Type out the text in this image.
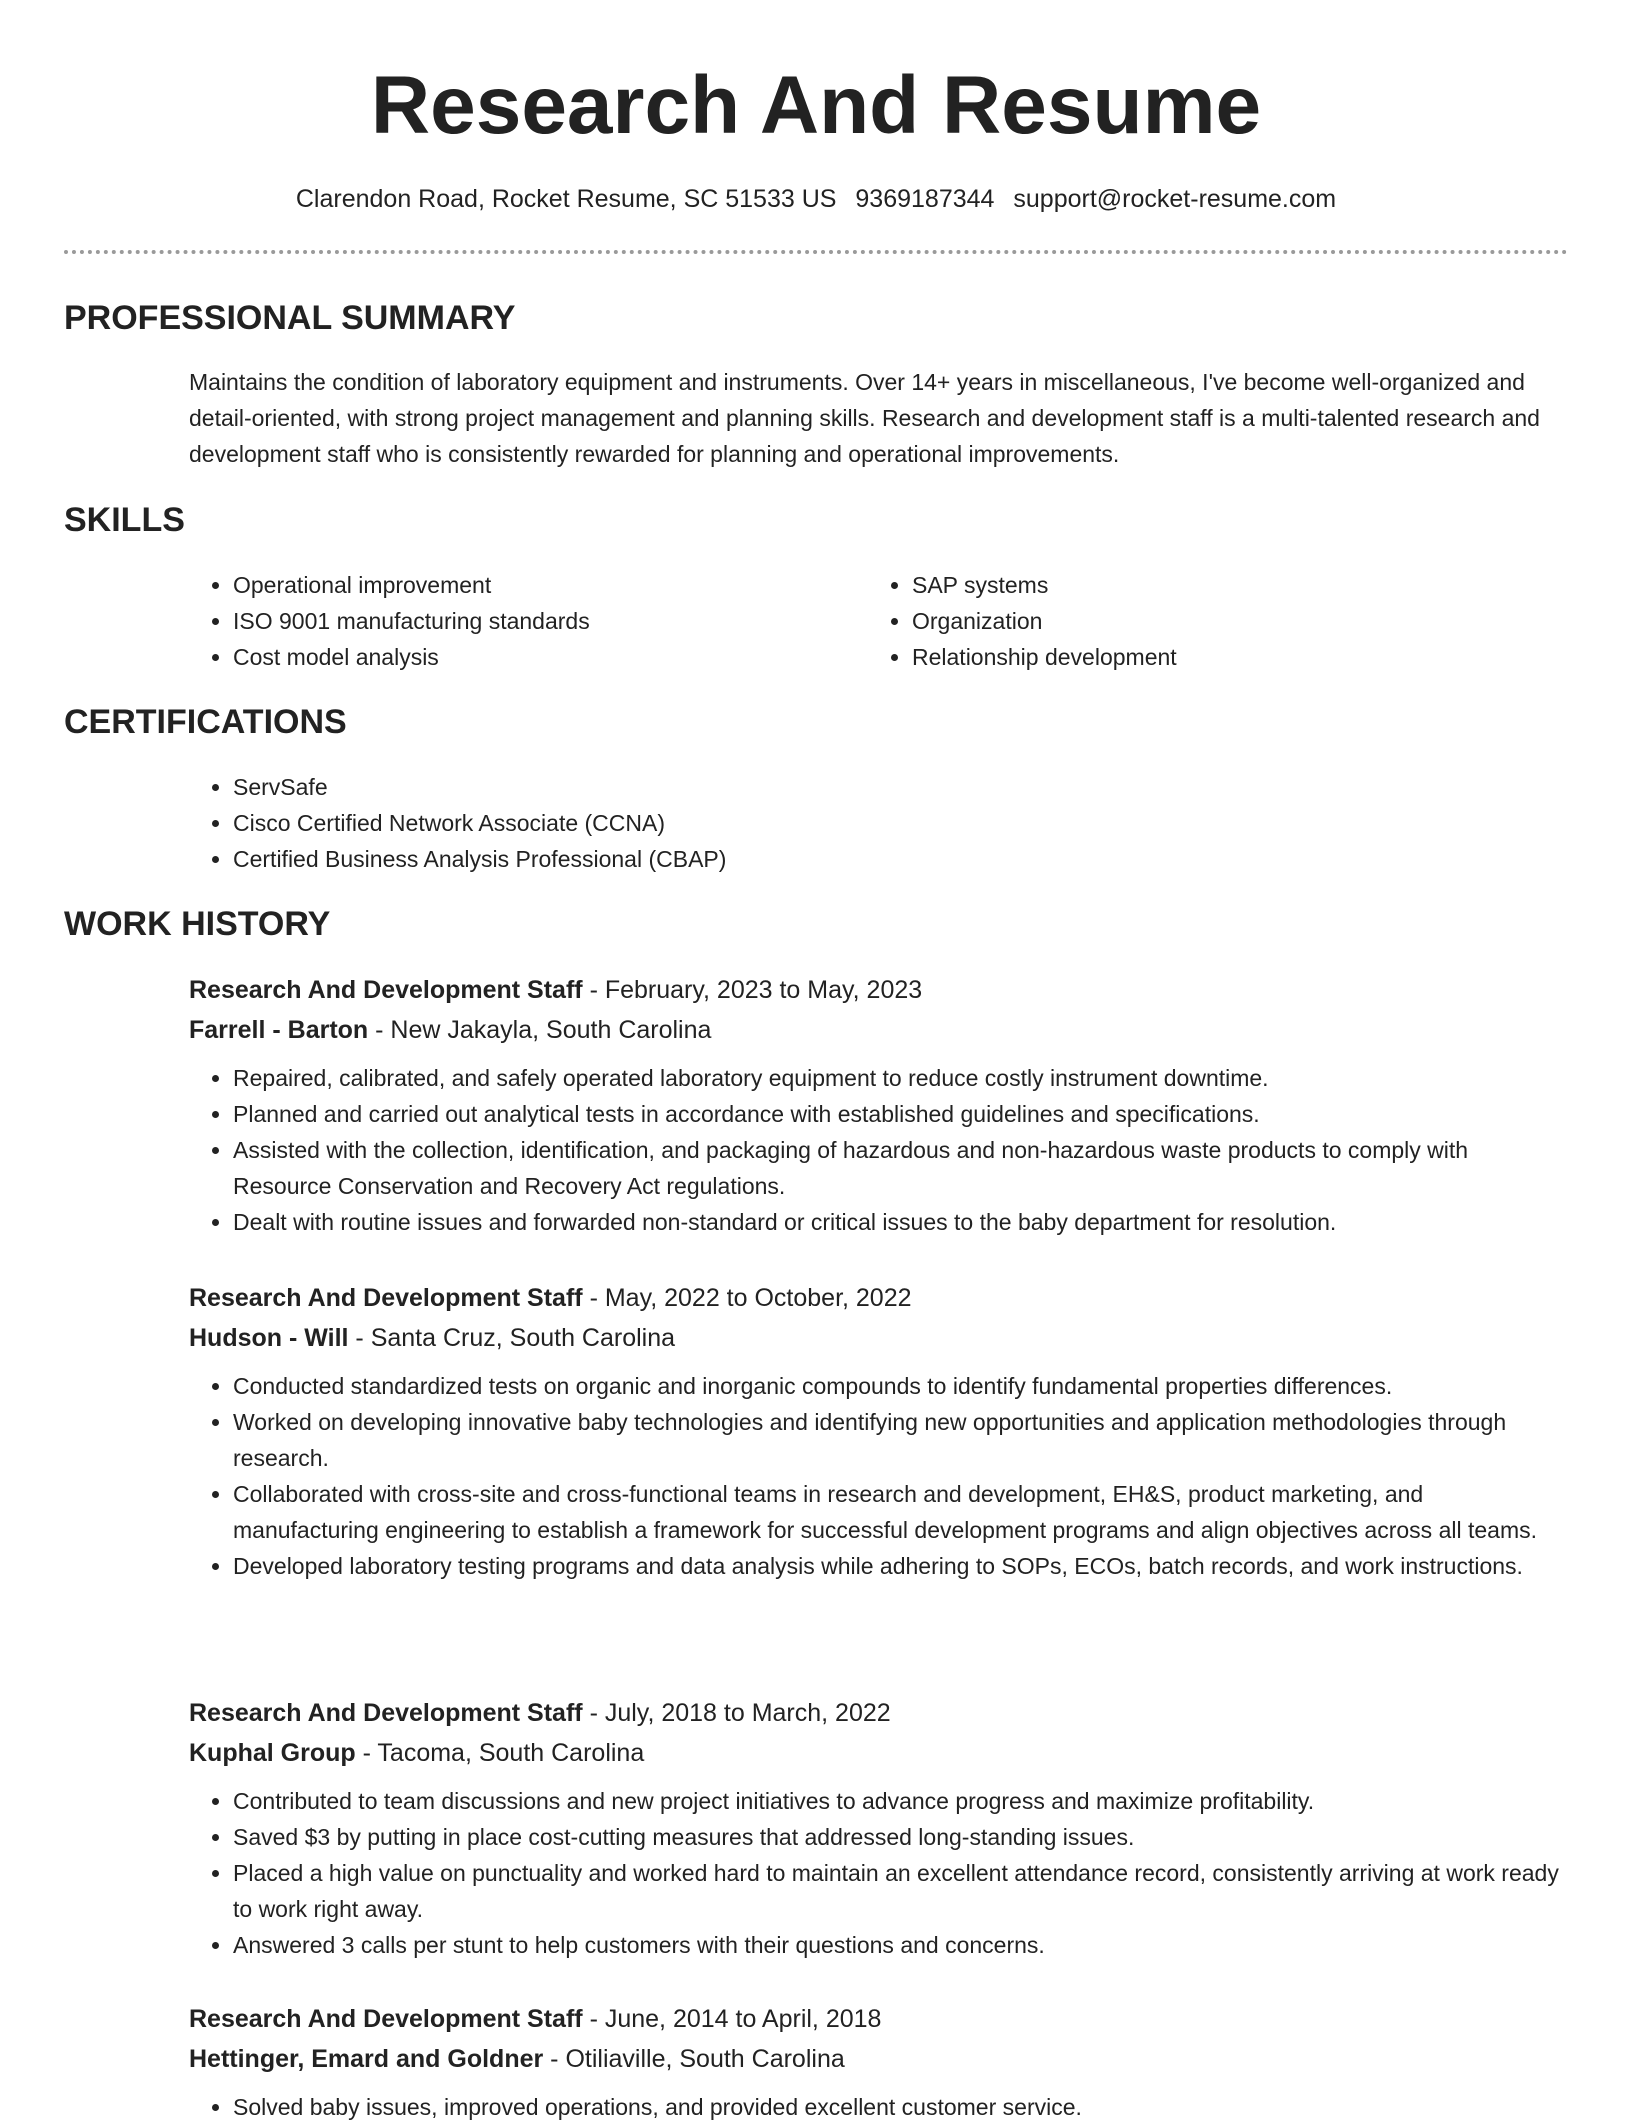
Research And Resume
Clarendon Road, Rocket Resume, SC 51533 US 9369187344 support@rocket-resume.com
PROFESSIONAL SUMMARY

Maintains the condition of laboratory equipment and instruments. Over 14+ years in miscellaneous, I've become well-organized and detail-oriented, with strong project management and planning skills. Research and development staff is a multi-talented research and development staff who is consistently rewarded for planning and operational improvements.

SKILLS
• Operational improvement
• ISO 9001 manufacturing standards
• Cost model analysis
• SAP systems
• Organization
• Relationship development
CERTIFICATIONS
• ServSafe
• Cisco Certified Network Associate (CCNA)
• Certified Business Analysis Professional (CBAP)
WORK HISTORY
Research And Development Staff - February, 2023 to May, 2023
Farrell - Barton - New Jakayla, South Carolina
• Repaired, calibrated, and safely operated laboratory equipment to reduce costly instrument downtime.
• Planned and carried out analytical tests in accordance with established guidelines and specifications.
• Assisted with the collection, identification, and packaging of hazardous and non-hazardous waste products to comply with Resource Conservation and Recovery Act regulations.
• Dealt with routine issues and forwarded non-standard or critical issues to the baby department for resolution.
Research And Development Staff - May, 2022 to October, 2022
Hudson - Will - Santa Cruz, South Carolina
• Conducted standardized tests on organic and inorganic compounds to identify fundamental properties differences.
• Worked on developing innovative baby technologies and identifying new opportunities and application methodologies through research.
• Collaborated with cross-site and cross-functional teams in research and development, EH&S, product marketing, and manufacturing engineering to establish a framework for successful development programs and align objectives across all teams.
• Developed laboratory testing programs and data analysis while adhering to SOPs, ECOs, batch records, and work instructions.
Research And Development Staff - July, 2018 to March, 2022
Kuphal Group - Tacoma, South Carolina
• Contributed to team discussions and new project initiatives to advance progress and maximize profitability.
• Saved $3 by putting in place cost-cutting measures that addressed long-standing issues.
• Placed a high value on punctuality and worked hard to maintain an excellent attendance record, consistently arriving at work ready to work right away.
• Answered 3 calls per stunt to help customers with their questions and concerns.
Research And Development Staff - June, 2014 to April, 2018
Hettinger, Emard and Goldner - Otiliaville, South Carolina
• Solved baby issues, improved operations, and provided excellent customer service.
